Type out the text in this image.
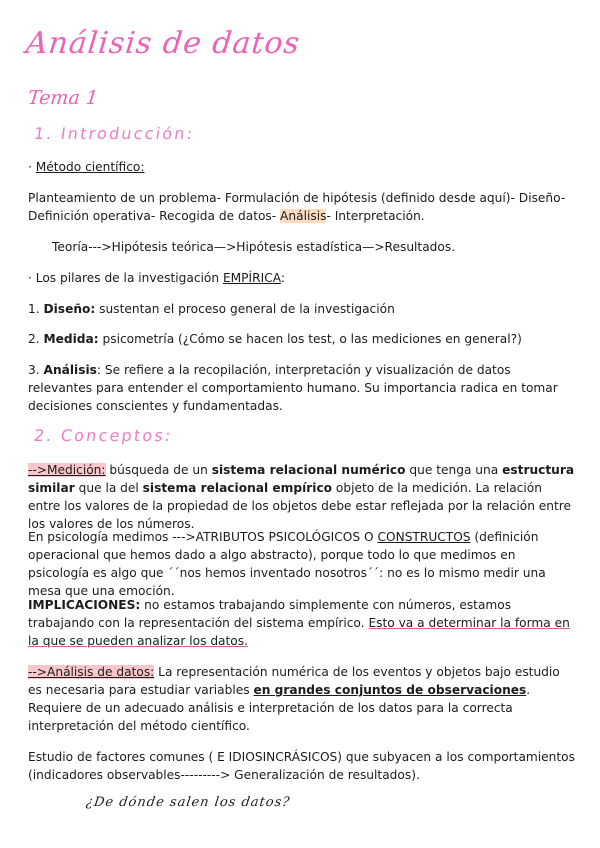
Análisis de datos
Tema 1
1. Introducción:

· Método científico:

Planteamiento de un problema- Formulación de hipótesis (definido desde aquí)- Diseño-Definición operativa- Recogida de datos- Análisis- Interpretación.

Teoría--->Hipótesis teórica—>Hipótesis estadística—>Resultados.

· Los pilares de la investigación EMPÍRICA:

1. Diseño: sustentan el proceso general de la investigación

2. Medida: psicometría (¿Cómo se hacen los test, o las mediciones en general?)

3. Análisis: Se refiere a la recopilación, interpretación y visualización de datos relevantes para entender el comportamiento humano. Su importancia radica en tomar decisiones conscientes y fundamentadas.

2. Conceptos:

-->Medición: búsqueda de un sistema relacional numérico que tenga una estructura similar que la del sistema relacional empírico objeto de la medición. La relación entre los valores de la propiedad de los objetos debe estar reflejada por la relación entre los valores de los números.

En psicología medimos --->ATRIBUTOS PSICOLÓGICOS O CONSTRUCTOS (definición operacional que hemos dado a algo abstracto), porque todo lo que medimos en psicología es algo que ´´nos hemos inventado nosotros´´: no es lo mismo medir una mesa que una emoción.

IMPLICACIONES: no estamos trabajando simplemente con números, estamos trabajando con la representación del sistema empírico. Esto va a determinar la forma en la que se pueden analizar los datos.

-->Análisis de datos: La representación numérica de los eventos y objetos bajo estudio es necesaria para estudiar variables en grandes conjuntos de observaciones. Requiere de un adecuado análisis e interpretación de los datos para la correcta interpretación del método científico.

Estudio de factores comunes ( E IDIOSINCRÁSICOS) que subyacen a los comportamientos (indicadores observables---------> Generalización de resultados).

¿De dónde salen los datos?
